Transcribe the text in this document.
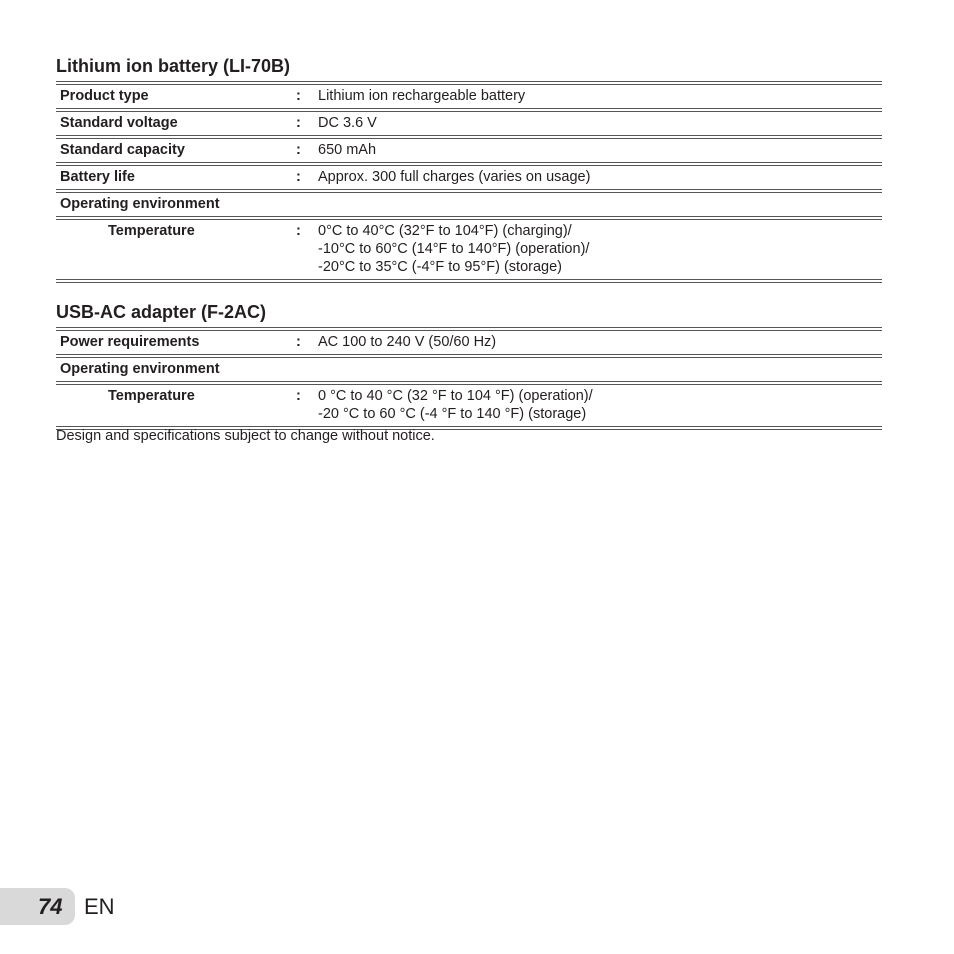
Lithium ion battery (LI-70B)
Product type	:	Lithium ion rechargeable battery
Standard voltage	:	DC 3.6 V
Standard capacity	:	650 mAh
Battery life	:	Approx. 300 full charges (varies on usage)
Operating environment
Temperature	:	0°C to 40°C (32°F to 104°F) (charging)/
-10°C to 60°C (14°F to 140°F) (operation)/
-20°C to 35°C (-4°F to 95°F) (storage)
USB-AC adapter (F-2AC)
Power requirements	:	AC 100 to 240 V (50/60 Hz)
Operating environment
Temperature	:	0 °C to 40 °C (32 °F to 104 °F) (operation)/
-20 °C to 60 °C (-4 °F to 140 °F) (storage)
Design and specifications subject to change without notice.
74 EN
